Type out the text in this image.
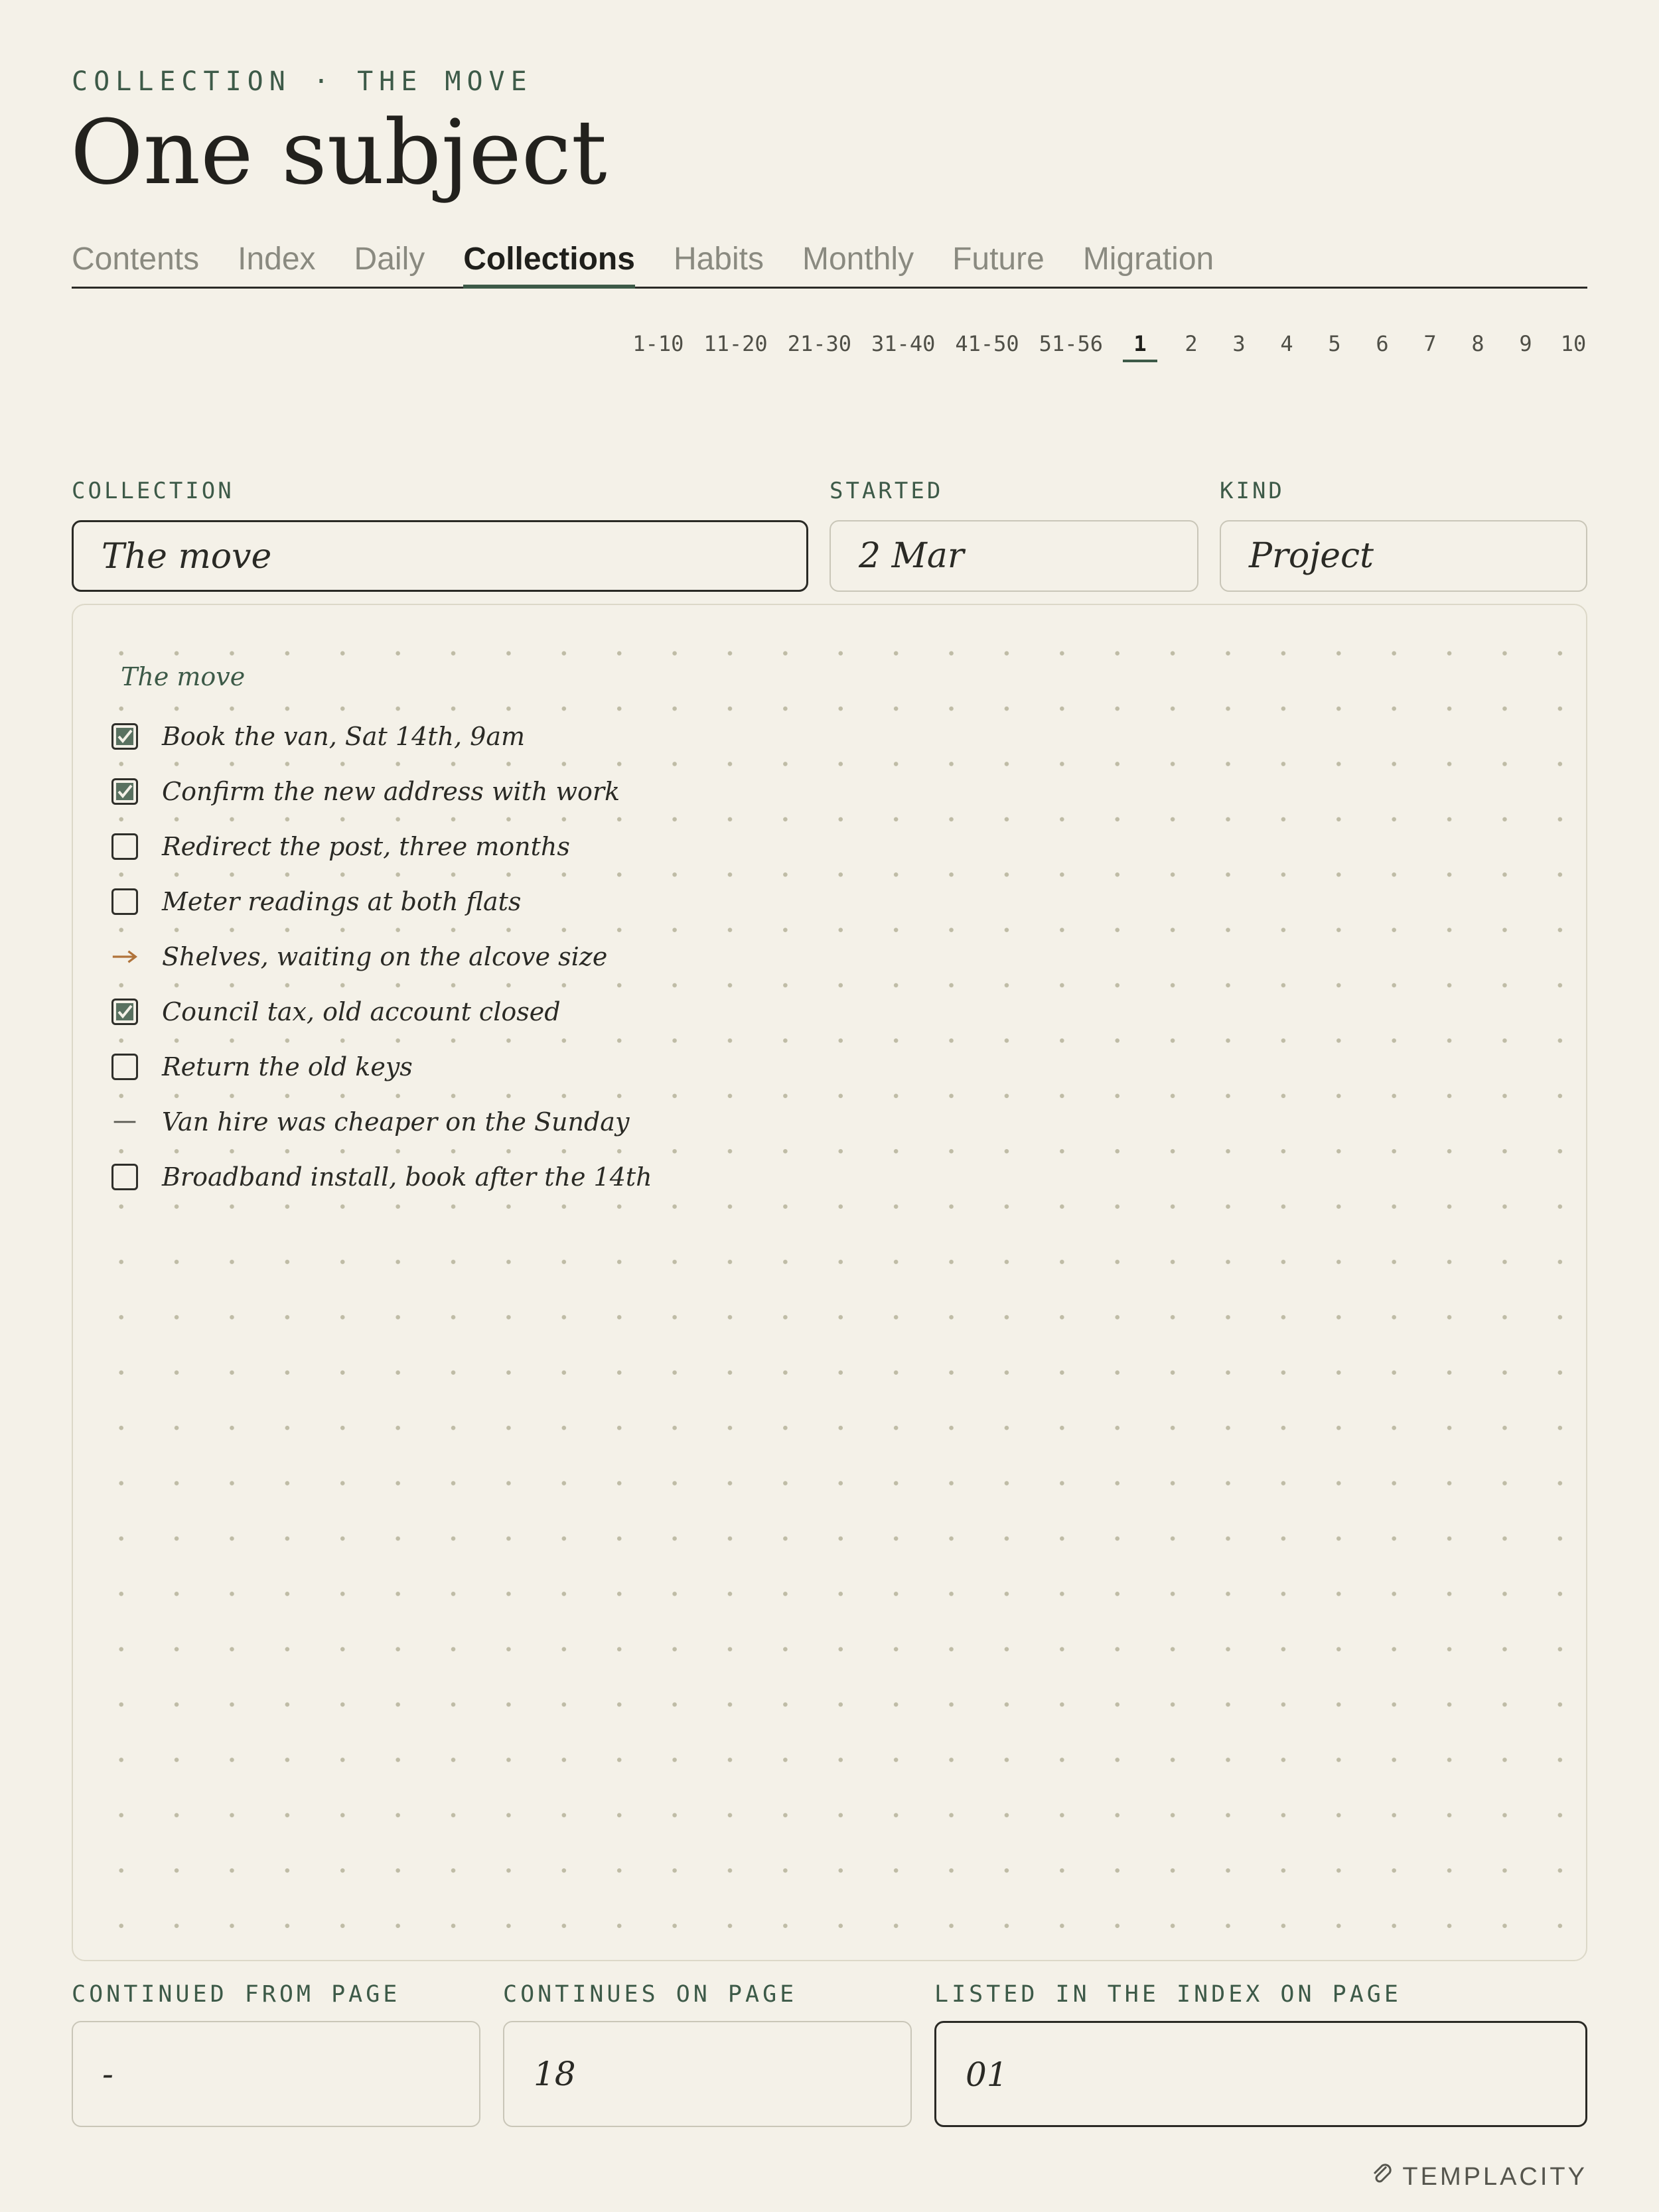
COLLECTION · THE MOVE
One subject
Contents Index Daily Collections Habits Monthly Future Migration
1-10 11-20 21-30 31-40 41-50 51-56	1	2	3	4	5	6	7	8	9	10
COLLECTION	STARTED	KIND
The move	2 Mar	Project
The move
Book the van, Sat 14th, 9am
Confirm the new address with work
Redirect the post, three months
Meter readings at both flats
Shelves, waiting on the alcove size
Council tax, old account closed
Return the old keys
Van hire was cheaper on the Sunday
Broadband install, book after the 14th
CONTINUED FROM PAGE	CONTINUES ON PAGE	LISTED IN THE INDEX ON PAGE
-	18	01
TEMPLACITY
